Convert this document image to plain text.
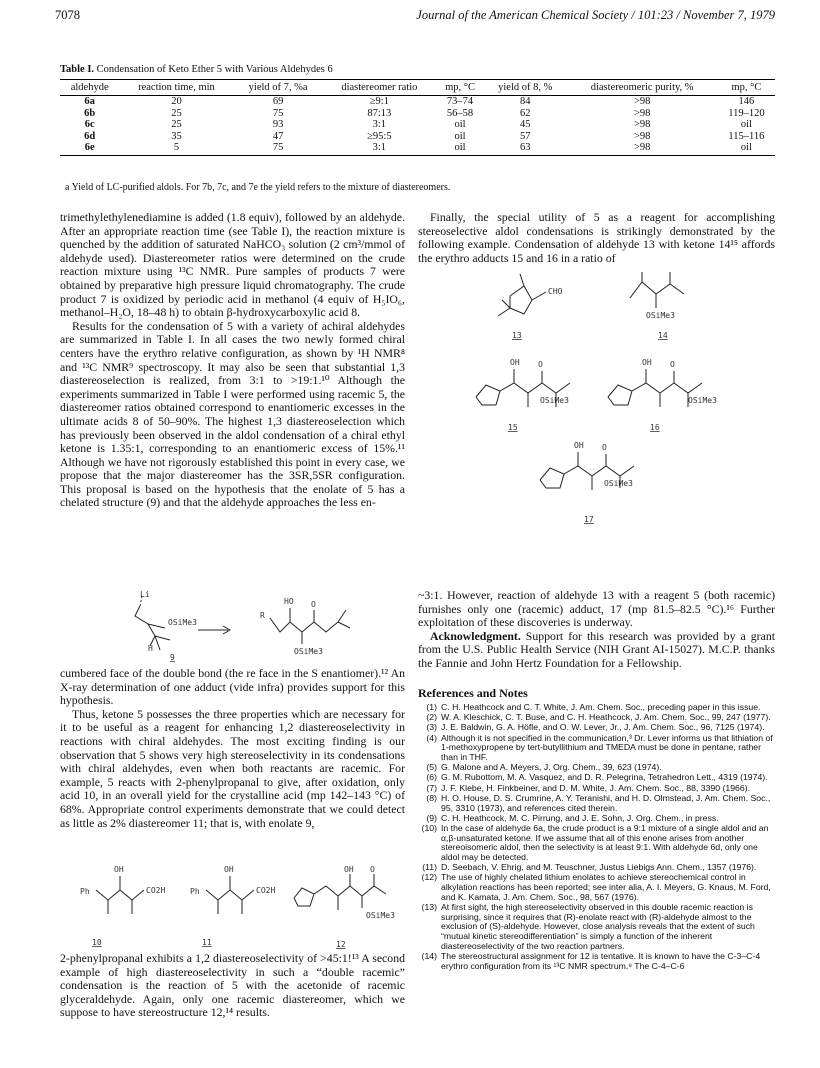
7078	Journal of the American Chemical Society / 101:23 / November 7, 1979
Table I. Condensation of Keto Ether 5 with Various Aldehydes 6
aldehyde	reaction time, min	yield of 7, %a	diastereomer ratio	mp, °C	yield of 8, %	diastereomeric purity, %	mp, °C
6a	20	69	≥9:1	73–74	84	>98	146
6b	25	75	87:13	56–58	62	>98	119–120
6c	25	93	3:1	oil	45	>98	oil
6d	35	47	≥95:5	oil	57	>98	115–116
6e	5	75	3:1	oil	63	>98	oil
a Yield of LC-purified aldols. For 7b, 7c, and 7e the yield refers to the mixture of diastereomers.

trimethylethylenediamine is added (1.8 equiv), followed by an aldehyde. After an appropriate reaction time (see Table I), the reaction mixture is quenched by the addition of saturated NaHCO₃ solution (2 cm³/mmol of aldehyde used). Diastereometer ratios were determined on the crude reaction mixture using ¹³C NMR. Pure samples of products 7 were obtained by preparative high pressure liquid chromatography. The crude product 7 is oxidized by periodic acid in methanol (4 equiv of H₅IO₆, methanol–H₂O, 18–48 h) to obtain β-hydroxycarboxylic acid 8.

Results for the condensation of 5 with a variety of achiral aldehydes are summarized in Table I. In all cases the two newly formed chiral centers have the erythro relative configuration, as shown by ¹H NMR⁸ and ¹³C NMR⁹ spectroscopy. It may also be seen that substantial 1,3 diastereoselection is realized, from 3:1 to >19:1.¹⁰ Although the experiments summarized in Table I were performed using racemic 5, the diastereomer ratios obtained correspond to enantiomeric excesses in the ultimate acids 8 of 50–90%. The highest 1,3 diastereoselection which has previously been observed in the aldol condensation of a chiral ethyl ketone is 1.35:1, corresponding to an enantiomeric excess of 15%.¹¹ Although we have not rigorously established this point in every case, we propose that the major diastereomer has the 3SR,5SR configuration. This proposal is based on the hypothesis that the enolate of 5 has a chelated structure (9) and that the aldehyde approaches the less en-

Li
OSiMe3
H
R
HO O
OSiMe3
9

cumbered face of the double bond (the re face in the S enantiomer).¹² An X-ray determination of one adduct (vide infra) provides support for this hypothesis.

Thus, ketone 5 possesses the three properties which are necessary for it to be useful as a reagent for enhancing 1,2 diastereoselectivity in reactions with chiral aldehydes. The most exciting finding is our observation that 5 shows very high stereoselectivity in its condensations with chiral aldehydes, even when both reactants are racemic. For example, 5 reacts with 2-phenylpropanal to give, after oxidation, only acid 10, in an overall yield for the crystalline acid (mp 142–143 °C) of 68%. Appropriate control experiments demonstrate that we could detect as little as 2% diastereomer 11; that is, with enolate 9,

Ph
OH
CO2H	Ph
OH
CO2H
OH O
OSiMe3
10	11	12

2-phenylpropanal exhibits a 1,2 diastereoselectivity of >45:1!¹³ A second example of high diastereoselectivity in such a “double racemic” condensation is the reaction of 5 with the acetonide of racemic glyceraldehyde. Again, only one racemic diastereomer, which we suppose to have stereostructure 12,¹⁴ results.

Finally, the special utility of 5 as a reagent for accomplishing stereoselective aldol condensations is strikingly demonstrated by the following example. Condensation of aldehyde 13 with ketone 14¹⁵ affords the erythro adducts 15 and 16 in a ratio of

CHO
OSiMe3
13	14
OH O
OSiMe3
OH O
OSiMe3
15	16
OH O
OSiMe3
17

~3:1. However, reaction of aldehyde 13 with a reagent 5 (both racemic) furnishes only one (racemic) adduct, 17 (mp 81.5–82.5 °C).¹⁶ Further exploitation of these discoveries is underway.

Acknowledgment. Support for this research was provided by a grant from the U.S. Public Health Service (NIH Grant AI-15027). M.C.P. thanks the Fannie and John Hertz Foundation for a Fellowship.

References and Notes
(1) C. H. Heathcock and C. T. White, J. Am. Chem. Soc., preceding paper in this issue.
(2) W. A. Kleschick, C. T. Buse, and C. H. Heathcock, J. Am. Chem. Soc., 99, 247 (1977).
(3) J. E. Baldwin, G. A. Höfle, and O. W. Lever, Jr., J. Am. Chem. Soc., 96, 7125 (1974).
(4) Although it is not specified in the communication,³ Dr. Lever informs us that lithiation of 1-methoxypropene by tert-butyllithium and TMEDA must be done in pentane, rather than in THF.
(5) G. Malone and A. Meyers, J. Org. Chem., 39, 623 (1974).
(6) G. M. Rubottom, M. A. Vasquez, and D. R. Pelegrina, Tetrahedron Lett., 4319 (1974).
(7) J. F. Klebe, H. Finkbeiner, and D. M. White, J. Am. Chem. Soc., 88, 3390 (1966).
(8) H. O. House, D. S. Crumrine, A. Y. Teranishi, and H. D. Olmstead, J. Am. Chem. Soc., 95, 3310 (1973), and references cited therein.
(9) C. H. Heathcock, M. C. Pirrung, and J. E. Sohn, J. Org. Chem., in press.
(10) In the case of aldehyde 6a, the crude product is a 9:1 mixture of a single aldol and an α,β-unsaturated ketone. If we assume that all of this enone arises from another stereoisomeric aldol, then the selectivity is at least 9:1. With aldehyde 6d, only one aldol may be detected.
(11) D. Seebach, V. Ehrig, and M. Teuschner, Justus Liebigs Ann. Chem., 1357 (1976).
(12) The use of highly chelated lithium enolates to achieve stereochemical control in alkylation reactions has been reported; see inter alia, A. I. Meyers, G. Knaus, M. Ford, and K. Kamata, J. Am. Chem. Soc., 98, 567 (1976).
(13) At first sight, the high stereoselectivity observed in this double racemic reaction is surprising, since it requires that (R)-enolate react with (R)-aldehyde almost to the exclusion of (S)-aldehyde. However, close analysis reveals that the extent of such “mutual kinetic stereodifferentiation” is simply a function of the inherent diastereoselectivity of the two reaction partners.
(14) The stereostructural assignment for 12 is tentative. It is known to have the C-3–C-4 erythro configuration from its ¹³C NMR spectrum.⁹ The C-4–C-6
